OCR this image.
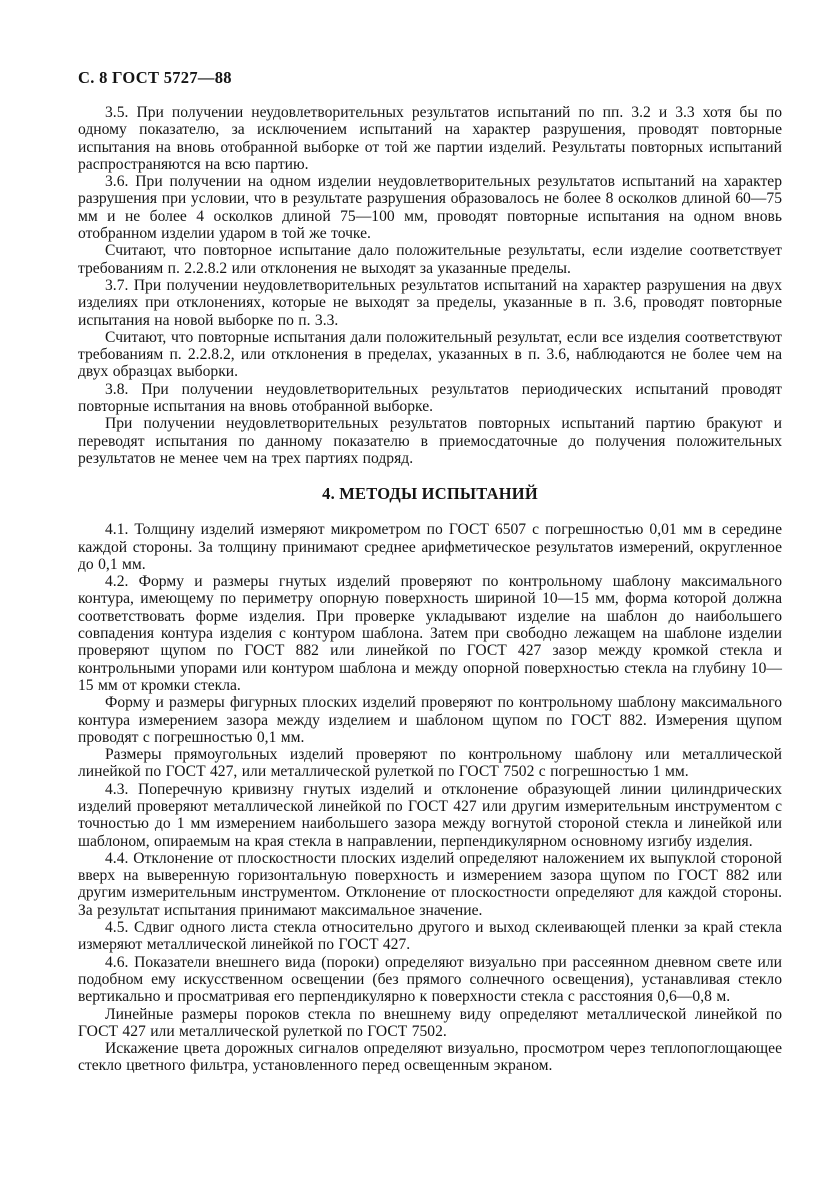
С. 8 ГОСТ 5727—88

3.5. При получении неудовлетворительных результатов испытаний по пп. 3.2 и 3.3 хотя бы по одному показателю, за исключением испытаний на характер разрушения, проводят повторные испытания на вновь отобранной выборке от той же партии изделий. Результаты повторных испытаний распространяются на всю партию.

3.6. При получении на одном изделии неудовлетворительных результатов испытаний на характер разрушения при условии, что в результате разрушения образовалось не более 8 осколков длиной 60—75 мм и не более 4 осколков длиной 75—100 мм, проводят повторные испытания на одном вновь отобранном изделии ударом в той же точке.

Считают, что повторное испытание дало положительные результаты, если изделие соответствует требованиям п. 2.2.8.2 или отклонения не выходят за указанные пределы.

3.7. При получении неудовлетворительных результатов испытаний на характер разрушения на двух изделиях при отклонениях, которые не выходят за пределы, указанные в п. 3.6, проводят повторные испытания на новой выборке по п. 3.3.

Считают, что повторные испытания дали положительный результат, если все изделия соответствуют требованиям п. 2.2.8.2, или отклонения в пределах, указанных в п. 3.6, наблюдаются не более чем на двух образцах выборки.

3.8. При получении неудовлетворительных результатов периодических испытаний проводят повторные испытания на вновь отобранной выборке.

При получении неудовлетворительных результатов повторных испытаний партию бракуют и переводят испытания по данному показателю в приемосдаточные до получения положительных результатов не менее чем на трех партиях подряд.

4. МЕТОДЫ ИСПЫТАНИЙ

4.1. Толщину изделий измеряют микрометром по ГОСТ 6507 с погрешностью 0,01 мм в середине каждой стороны. За толщину принимают среднее арифметическое результатов измерений, округленное до 0,1 мм.

4.2. Форму и размеры гнутых изделий проверяют по контрольному шаблону максимального контура, имеющему по периметру опорную поверхность шириной 10—15 мм, форма которой должна соответствовать форме изделия. При проверке укладывают изделие на шаблон до наибольшего совпадения контура изделия с контуром шаблона. Затем при свободно лежащем на шаблоне изделии проверяют щупом по ГОСТ 882 или линейкой по ГОСТ 427 зазор между кромкой стекла и контрольными упорами или контуром шаблона и между опорной поверхностью стекла на глубину 10—15 мм от кромки стекла.

Форму и размеры фигурных плоских изделий проверяют по контрольному шаблону максимального контура измерением зазора между изделием и шаблоном щупом по ГОСТ 882. Измерения щупом проводят с погрешностью 0,1 мм.

Размеры прямоугольных изделий проверяют по контрольному шаблону или металлической линейкой по ГОСТ 427, или металлической рулеткой по ГОСТ 7502 с погрешностью 1 мм.

4.3. Поперечную кривизну гнутых изделий и отклонение образующей линии цилиндрических изделий проверяют металлической линейкой по ГОСТ 427 или другим измерительным инструментом с точностью до 1 мм измерением наибольшего зазора между вогнутой стороной стекла и линейкой или шаблоном, опираемым на края стекла в направлении, перпендикулярном основному изгибу изделия.

4.4. Отклонение от плоскостности плоских изделий определяют наложением их выпуклой стороной вверх на выверенную горизонтальную поверхность и измерением зазора щупом по ГОСТ 882 или другим измерительным инструментом. Отклонение от плоскостности определяют для каждой стороны. За результат испытания принимают максимальное значение.

4.5. Сдвиг одного листа стекла относительно другого и выход склеивающей пленки за край стекла измеряют металлической линейкой по ГОСТ 427.

4.6. Показатели внешнего вида (пороки) определяют визуально при рассеянном дневном свете или подобном ему искусственном освещении (без прямого солнечного освещения), устанавливая стекло вертикально и просматривая его перпендикулярно к поверхности стекла с расстояния 0,6—0,8 м.

Линейные размеры пороков стекла по внешнему виду определяют металлической линейкой по ГОСТ 427 или металлической рулеткой по ГОСТ 7502.

Искажение цвета дорожных сигналов определяют визуально, просмотром через теплопоглощающее стекло цветного фильтра, установленного перед освещенным экраном.
